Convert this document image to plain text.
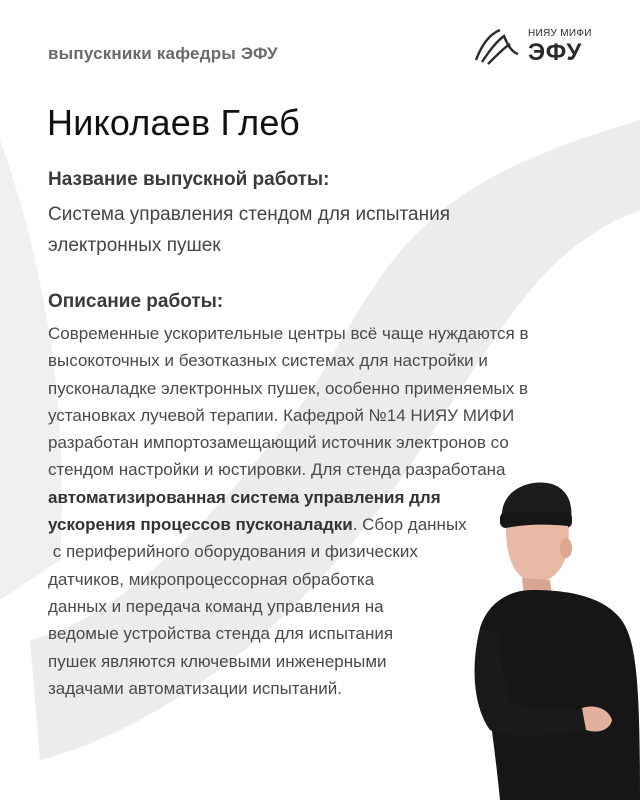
выпускники кафедры ЭФУ
НИЯУ МИФИ
ЭФУ
Николаев Глеб
Название выпускной работы:
Система управления стендом для испытания
электронных пушек
Описание работы:

Современные ускорительные центры всё чаще нуждаются в
высокоточных и безотказных системах для настройки и
пусконаладке электронных пушек, особенно применяемых в
установках лучевой терапии. Кафедрой №14 НИЯУ МИФИ
разработан импортозамещающий источник электронов со
стендом настройки и юстировки. Для стенда разработана
автоматизированная система управления для
ускорения процессов пусконаладки. Сбор данных
с периферийного оборудования и физических
датчиков, микропроцессорная обработка
данных и передача команд управления на
ведомые устройства стенда для испытания
пушек являются ключевыми инженерными
задачами автоматизации испытаний.
